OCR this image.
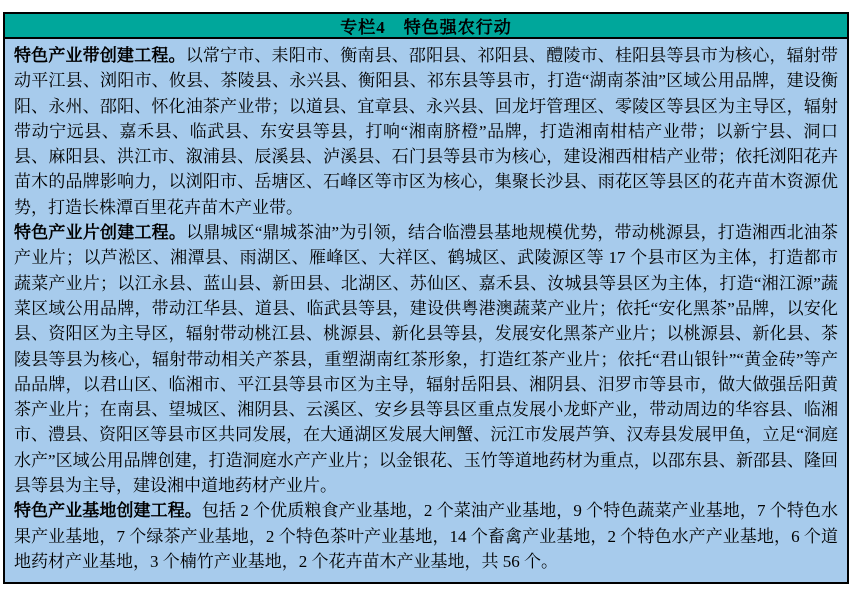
专栏4　特色强农行动

特色产业带创建工程。以常宁市、耒阳市、衡南县、邵阳县、祁阳县、醴陵市、桂阳县等县市为核心，辐射带动平江县、浏阳市、攸县、茶陵县、永兴县、衡阳县、祁东县等县市，打造“湖南茶油”区域公用品牌，建设衡阳、永州、邵阳、怀化油茶产业带；以道县、宜章县、永兴县、回龙圩管理区、零陵区等县区为主导区，辐射带动宁远县、嘉禾县、临武县、东安县等县，打响“湘南脐橙”品牌，打造湘南柑桔产业带；以新宁县、洞口县、麻阳县、洪江市、溆浦县、辰溪县、泸溪县、石门县等县市为核心，建设湘西柑桔产业带；依托浏阳花卉苗木的品牌影响力，以浏阳市、岳塘区、石峰区等市区为核心，集聚长沙县、雨花区等县区的花卉苗木资源优势，打造长株潭百里花卉苗木产业带。

特色产业片创建工程。以鼎城区“鼎城茶油”为引领，结合临澧县基地规模优势，带动桃源县，打造湘西北油茶产业片；以芦淞区、湘潭县、雨湖区、雁峰区、大祥区、鹤城区、武陵源区等 17 个县市区为主体，打造都市蔬菜产业片；以江永县、蓝山县、新田县、北湖区、苏仙区、嘉禾县、汝城县等县区为主体，打造“湘江源”蔬菜区域公用品牌，带动江华县、道县、临武县等县，建设供粤港澳蔬菜产业片；依托“安化黑茶”品牌，以安化县、资阳区为主导区，辐射带动桃江县、桃源县、新化县等县，发展安化黑茶产业片；以桃源县、新化县、茶陵县等县为核心，辐射带动相关产茶县，重塑湖南红茶形象，打造红茶产业片；依托“君山银针”“黄金砖”等产品品牌，以君山区、临湘市、平江县等县市区为主导，辐射岳阳县、湘阴县、汨罗市等县市，做大做强岳阳黄茶产业片；在南县、望城区、湘阴县、云溪区、安乡县等县区重点发展小龙虾产业，带动周边的华容县、临湘市、澧县、资阳区等县市区共同发展，在大通湖区发展大闸蟹、沅江市发展芦笋、汉寿县发展甲鱼，立足“洞庭水产”区域公用品牌创建，打造洞庭水产产业片；以金银花、玉竹等道地药材为重点，以邵东县、新邵县、隆回县等县为主导，建设湘中道地药材产业片。

特色产业基地创建工程。包括 2 个优质粮食产业基地，2 个菜油产业基地，9 个特色蔬菜产业基地，7 个特色水果产业基地，7 个绿茶产业基地，2 个特色茶叶产业基地，14 个畜禽产业基地，2 个特色水产产业基地，6 个道地药材产业基地，3 个楠竹产业基地，2 个花卉苗木产业基地，共 56 个。
